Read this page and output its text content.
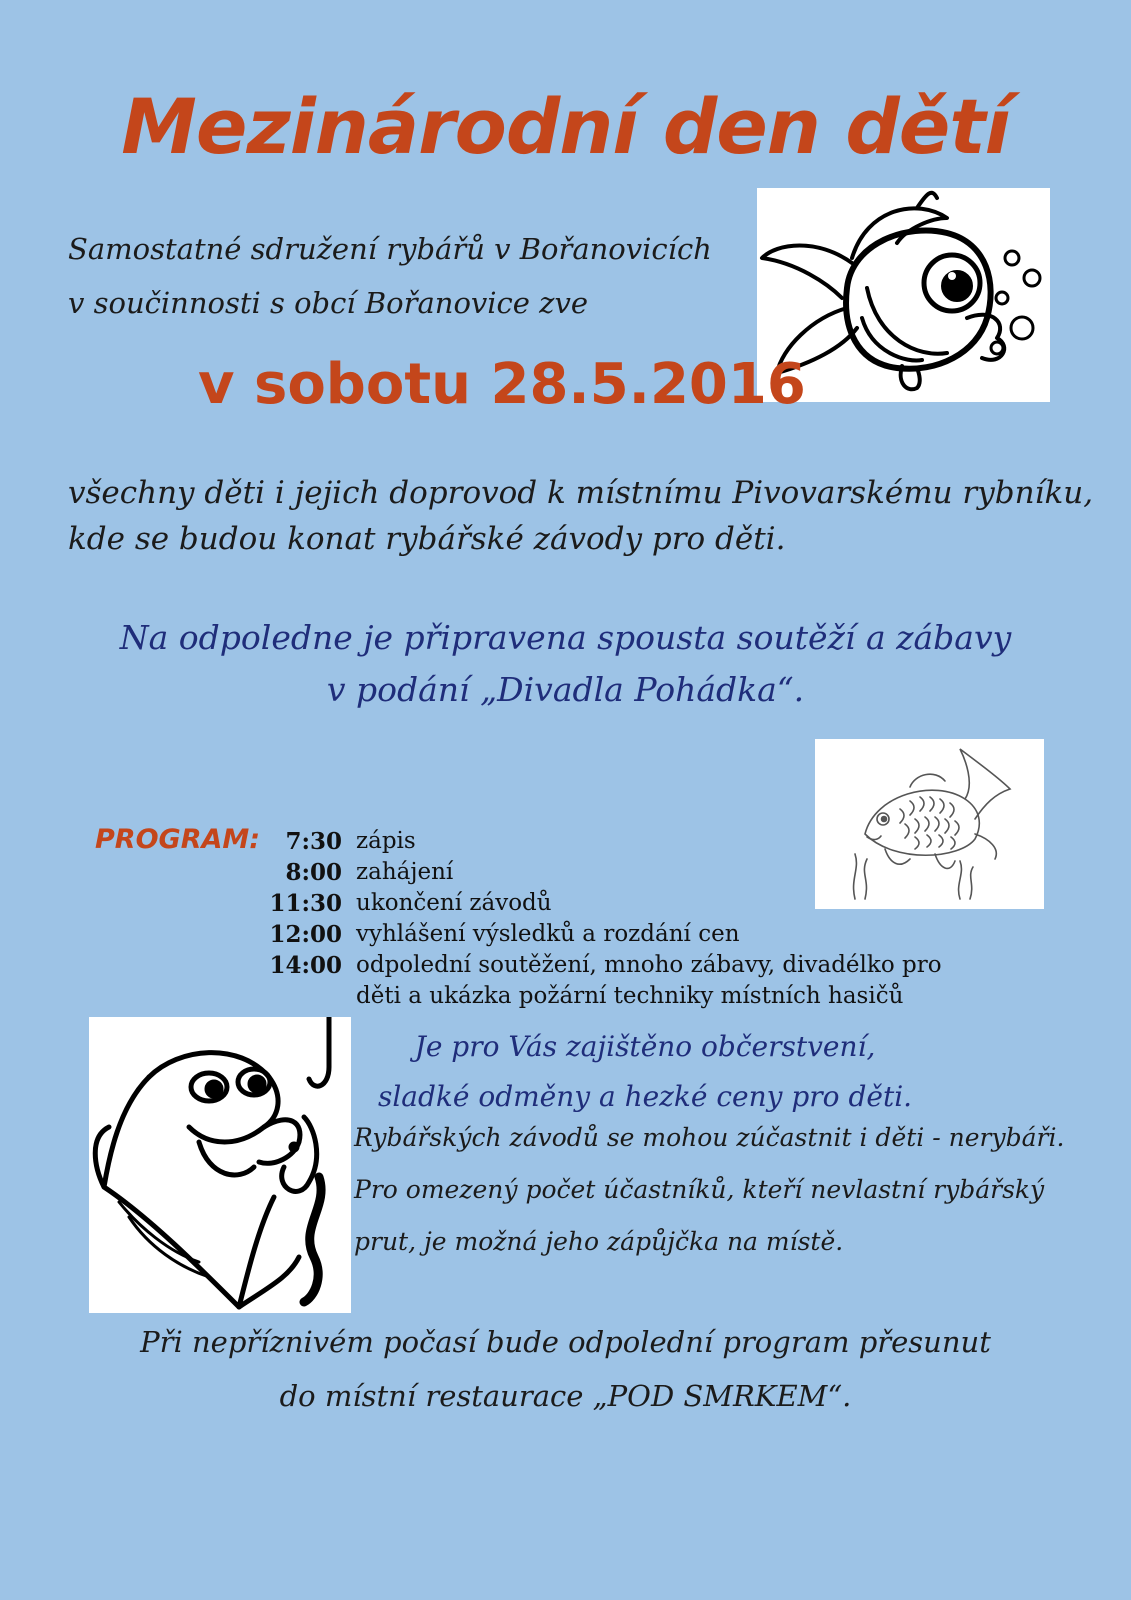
Mezinárodní den dětí
Samostatné sdružení rybářů v Bořanovicích
v součinnosti s obcí Bořanovice zve
v sobotu 28.5.2016
všechny děti i jejich doprovod k místnímu Pivovarskému rybníku,
kde se budou konat rybářské závody pro děti.
Na odpoledne je připravena spousta soutěží a zábavy
v podání „Divadla Pohádka“.
PROGRAM:	7:30 zápis
8:00 zahájení
11:30 ukončení závodů
12:00 vyhlášení výsledků a rozdání cen
14:00 odpolední soutěžení, mnoho zábavy, divadélko pro
děti a ukázka požární techniky místních hasičů
Je pro Vás zajištěno občerstvení,
sladké odměny a hezké ceny pro děti.
Rybářských závodů se mohou zúčastnit i děti - nerybáři.
Pro omezený počet účastníků, kteří nevlastní rybářský
prut, je možná jeho zápůjčka na místě.
Při nepříznivém počasí bude odpolední program přesunut
do místní restaurace „POD SMRKEM“.
